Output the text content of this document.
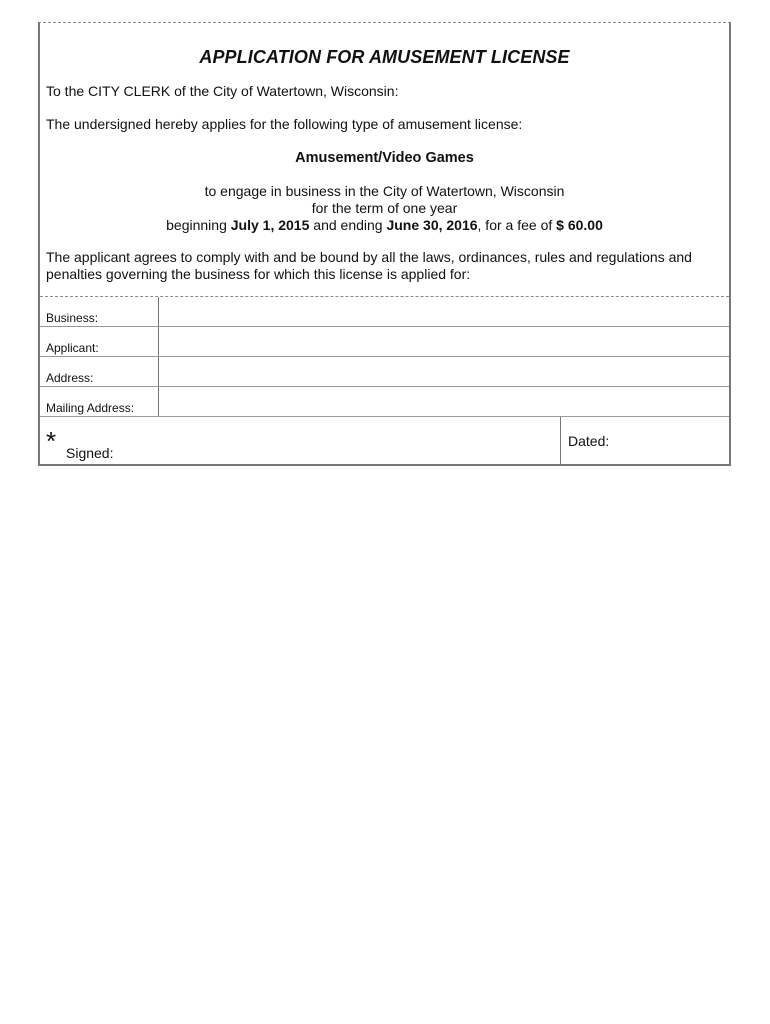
APPLICATION FOR AMUSEMENT LICENSE
To the CITY CLERK of the City of Watertown, Wisconsin:
The undersigned hereby applies for the following type of amusement license:
Amusement/Video Games
to engage in business in the City of Watertown, Wisconsin
for the term of one year
beginning July 1, 2015 and ending June 30, 2016, for a fee of $ 60.00
The applicant agrees to comply with and be bound by all the laws, ordinances, rules and regulations and penalties governing the business for which this license is applied for:
Business:
Applicant:
Address:
Mailing Address:
* Signed:
Dated:
